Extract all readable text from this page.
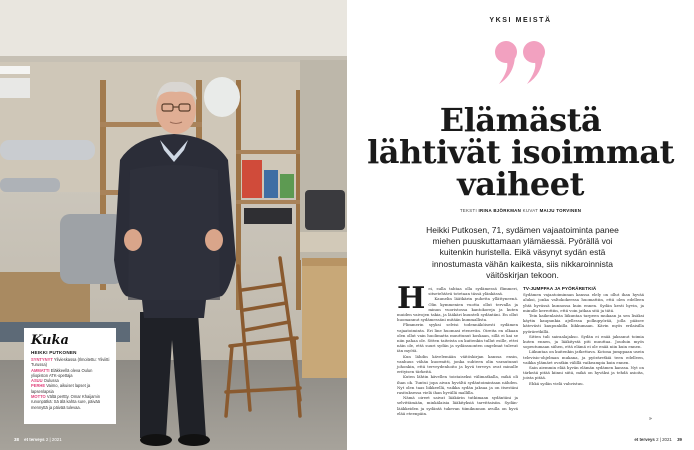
Kuka
HEIKKI PUTKONEN

SYNTYNYT Ylivieskassa (Ilmoitettu: Yliviitti Turussa)

AMMATTI Eläkkeellä oleva Oulun yliopiston ATK-opettaja

ASUU Oulussa

PERHE Vaimo, aikuiset lapset ja lapsenlapsia

MOTTO Vältä perttty. Omar Khaijamin runonpätkä: Sä älä kahta sure, päivää mennyttä ja päivää tulevaa.

38 et terveys 2 | 2021
YKSI MEISTÄ
Elämästä
lähtivät isoimmat
vaiheet
TEKSTI IRINA BJÖRKMAN KUVAT MAIJU TORVINEN

Heikki Putkosen, 71, sydämen vajaatoiminta panee miehen puuskuttamaan ylämäessä. Pyörällä voi kuitenkin huristella. Eikä väsynyt sydän estä innostumasta vähän kaikesta, siis nikkaroinnista väitöskirjan tekoon.

H ei, sulla tahtaa olla sydämessä flimmeri, sitsetehtävä totetaan tässä ylänkässä.

Kaunelin läätkärin puhetta yllättyneenä. Olin kymmenien vuotta ollut tervalla ja minun vuoristossa kantokoreja ja kuten muiden vaivojen takia, ja lääkäri kuunteli sydäntäni. En ollut huomannut sydämessäni mitään kummallista.

Flimmerin syyksi selvisi todennäköisesti sydämen vajaatoiminta. Eri line huomasi etenevän. Oireita en olkaan olen ollut vain huolimatta muuttunut koskaan, sillä ei kai se niin pahaa ole. Sitten taiteista on kuitenkin tullut esille, ettei näin ole, että suuri sydän ja sydänsuonten ongelmat tulevat iän myötä.

Kun lähdin kävelemään väitöskirjan kanssa ensin, vanhuus vähän kuormitti, jonka suhteen olin varautunut johonkin, että terveydenhoito ja hyvä terveys ovat minulle erityisen tärkeitä.

Kuten lähtin kävellen toistaiseksi välimatkalla, mikä oli ihan ok. Tuntui jopa aivan hyvältä sydäntoimintaan nähden. Nyt olen taas liikkeellä, vaikka sydän jaksaa ja on itsestäni rasituksessa vielä ihan hyvällä mallilla.

Nämä oireet saivat lääkärin tutkimaan sydäntäni ja selvittämään, minkälaisia lääkityksiä tarvittaisiin. Sydänlääkkeiden ja sydäntä tukevan tiimikunnon avulla on hyvä elää eteenpäin.

TV-JUMPPAA JA PYÖRÄRETKIÄ

Sydämen vajaatoiminnan kanssa elely on ollut ihan hyvää aluksi, jonka valtokokeessa huomattiin, että olen edelleen yhtä hyvässä kunnossa kuin ennen. Sydän kesti hyvin, ja minulle kerrottiin, että voin jatkaa sitä ja tätä.

Tein kaikenlaista liikuntaa tarpeen mukaan ja sen lisäksi käytin kaupunkia ajellessa polkupyörää, jolla pääsee kätevästi kaupunkilla liikkumaan. Kävin myös erilaisilla pyöräretkillä.

Sitten tuli sairaalajakso. Sydän ei enää jaksanut toimia kuten ennen, ja lääkitystä piti muuttaa. Jouduin myös sopeutumaan siihen, että elämä ei ole enää niin kuin ennen.

Liikuntaa on kuitenkin jatkettava. Kotona jumppaan usein televisio-ohjelman mukana, ja pyöräretkiä teen edelleen, vaikka ylämäet ovatkin välillä vaikeampia kuin ennen.

Sain aiemmin elää hyvän elämän sydämen kanssa. Nyt on tärkeää pitää kiinni siitä, mikä on hyväksi ja tehdä asioita, joista pitää.

Ehkä sydän vielä vahvistuu.

»
et terveys 2 | 2021 39
